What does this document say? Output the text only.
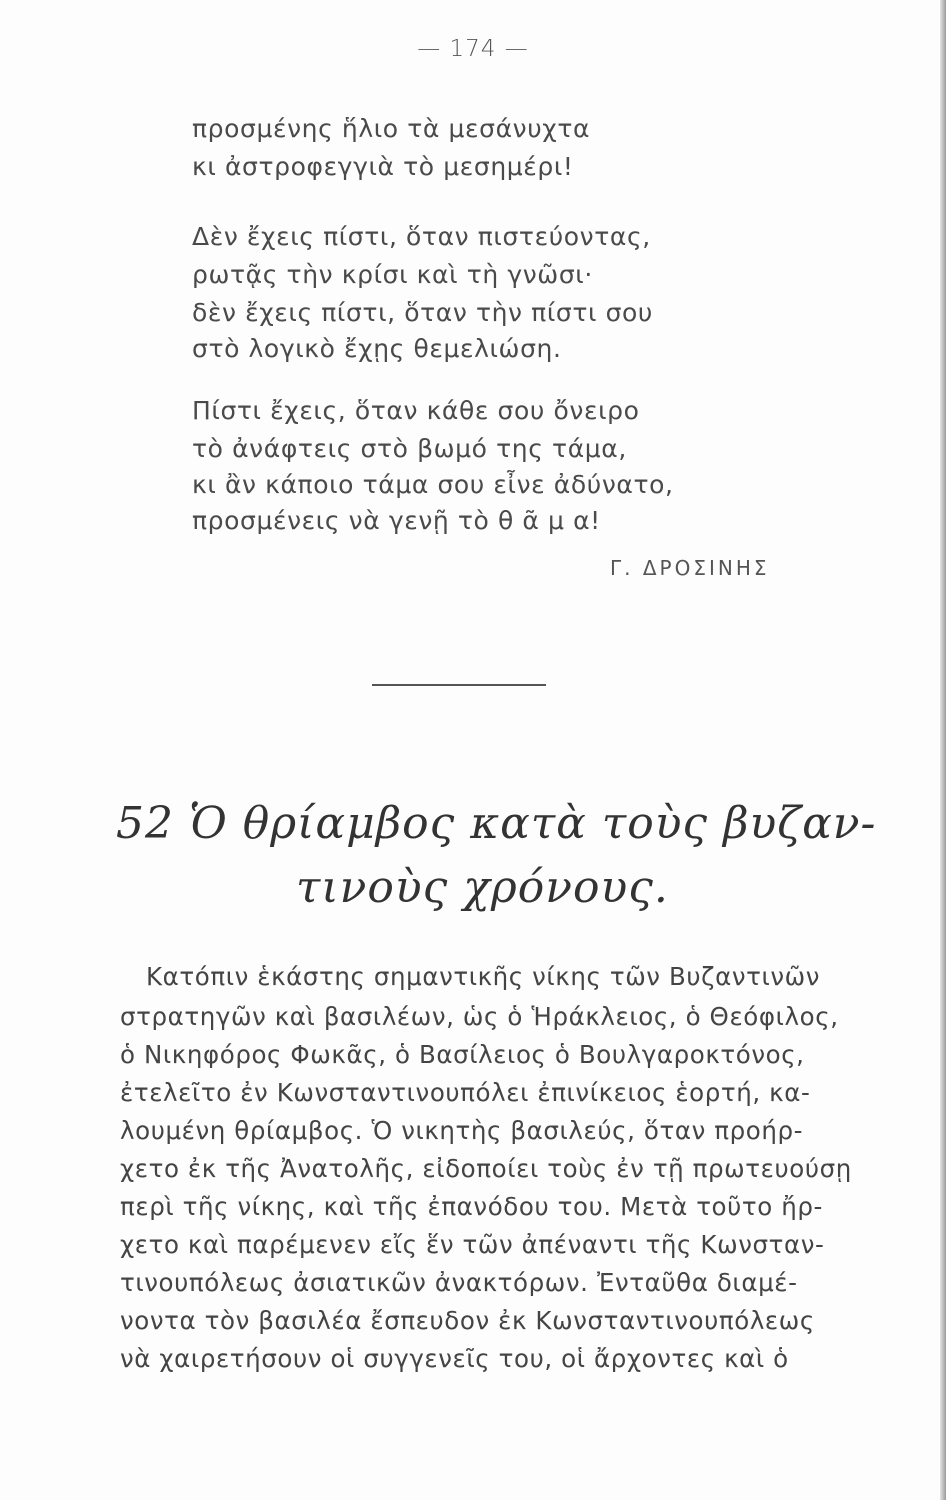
— 174 —
προσμένης ἥλιο τὰ μεσάνυχτα
κι ἀστροφεγγιὰ τὸ μεσημέρι!
Δὲν ἔχεις πίστι, ὅταν πιστεύοντας,
ρωτᾷς τὴν κρίσι καὶ τὴ γνῶσι·
δὲν ἔχεις πίστι, ὅταν τὴν πίστι σου
στὸ λογικὸ ἔχῃς θεμελιώση.
Πίστι ἔχεις, ὅταν κάθε σου ὄνειρο
τὸ ἀνάφτεις στὸ βωμό της τάμα,
κι ἂν κάποιο τάμα σου εἶνε ἀδύνατο,
προσμένεις νὰ γενῇ τὸ θ ᾶ μ α!
Γ. ΔΡΟΣΙΝΗΣ
52 Ὁ θρίαμβος κατὰ τοὺς βυζαν-
τινοὺς χρόνους.
Κατόπιν ἑκάστης σημαντικῆς νίκης τῶν Βυζαντινῶν
στρατηγῶν καὶ βασιλέων, ὡς ὁ Ἡράκλειος, ὁ Θεόφιλος,
ὁ Νικηφόρος Φωκᾶς, ὁ Βασίλειος ὁ Βουλγαροκτόνος,
ἐτελεῖτο ἐν Κωνσταντινουπόλει ἐπινίκειος ἑορτή, κα-
λουμένη θρίαμβος. Ὁ νικητὴς βασιλεύς, ὅταν προήρ-
χετο ἐκ τῆς Ἀνατολῆς, εἰδοποίει τοὺς ἐν τῇ πρωτευούσῃ
περὶ τῆς νίκης, καὶ τῆς ἐπανόδου του. Μετὰ τοῦτο ἤρ-
χετο καὶ παρέμενεν εἴς ἕν τῶν ἀπέναντι τῆς Κωνσταν-
τινουπόλεως ἀσιατικῶν ἀνακτόρων. Ἐνταῦθα διαμέ-
νοντα τὸν βασιλέα ἔσπευδον ἐκ Κωνσταντινουπόλεως
νὰ χαιρετήσουν οἱ συγγενεῖς του, οἱ ἄρχοντες καὶ ὁ
